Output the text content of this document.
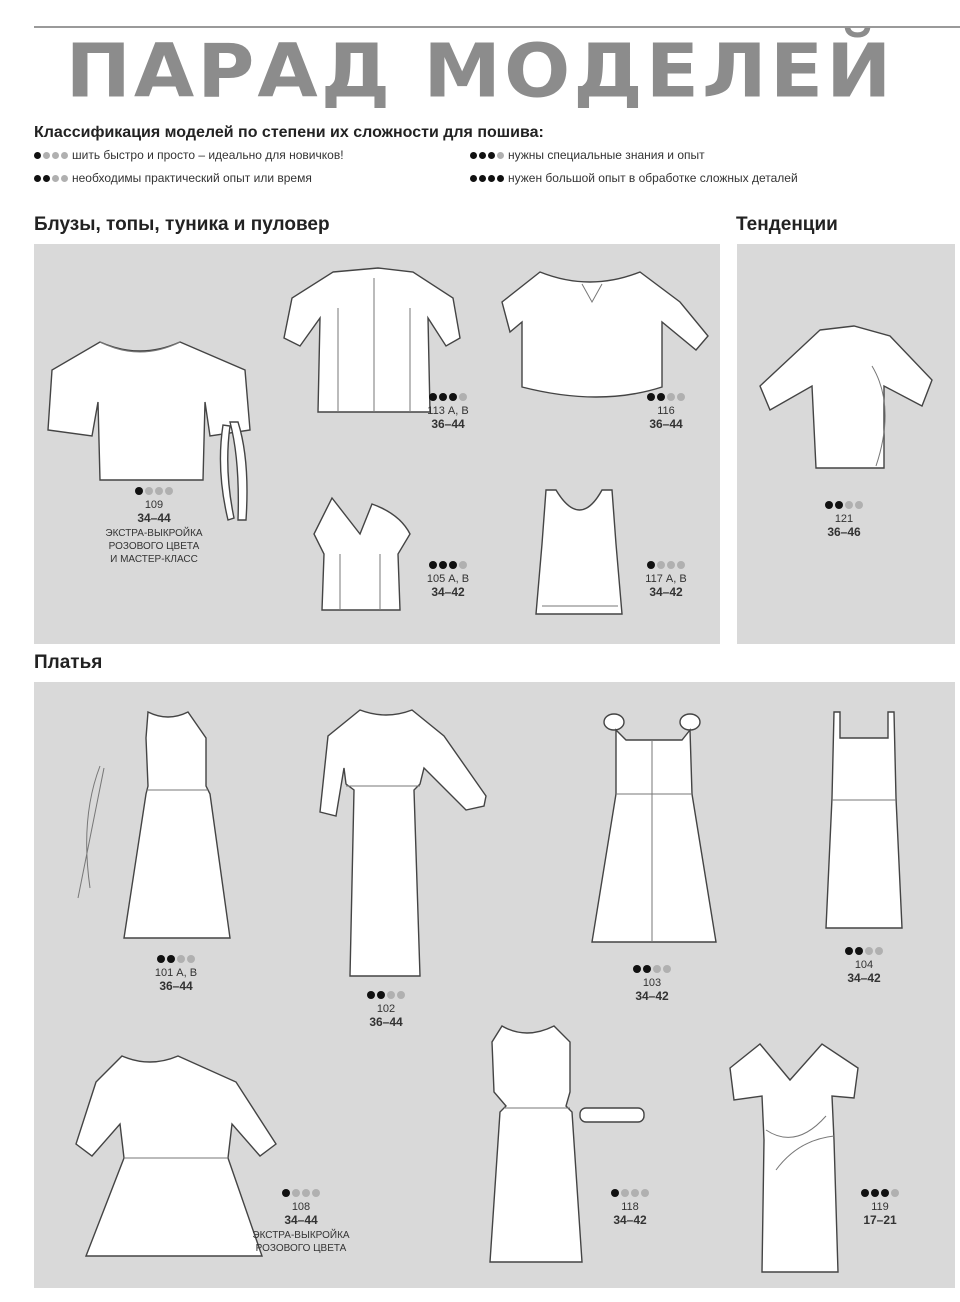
ПАРАД МОДЕЛЕЙ
Классификация моделей по степени их сложности для пошива:
шить быстро и просто – идеально для новичков!
необходимы практический опыт или время
нужны специальные знания и опыт
нужен большой опыт в обработке сложных деталей
Блузы, топы, туника и пуловер	Тенденции
Платья
109
34–44
ЭКСТРА-ВЫКРОЙКА
РОЗОВОГО ЦВЕТА
И МАСТЕР-КЛАСС
113 А, В
36–44
116
36–44
105 А, В
34–42
117 А, В
34–42
121
36–46
101 А, В
36–44
102
36–44
103
34–42
104
34–42
108
34–44
ЭКСТРА-ВЫКРОЙКА
РОЗОВОГО ЦВЕТА
118
34–42
119
17–21
